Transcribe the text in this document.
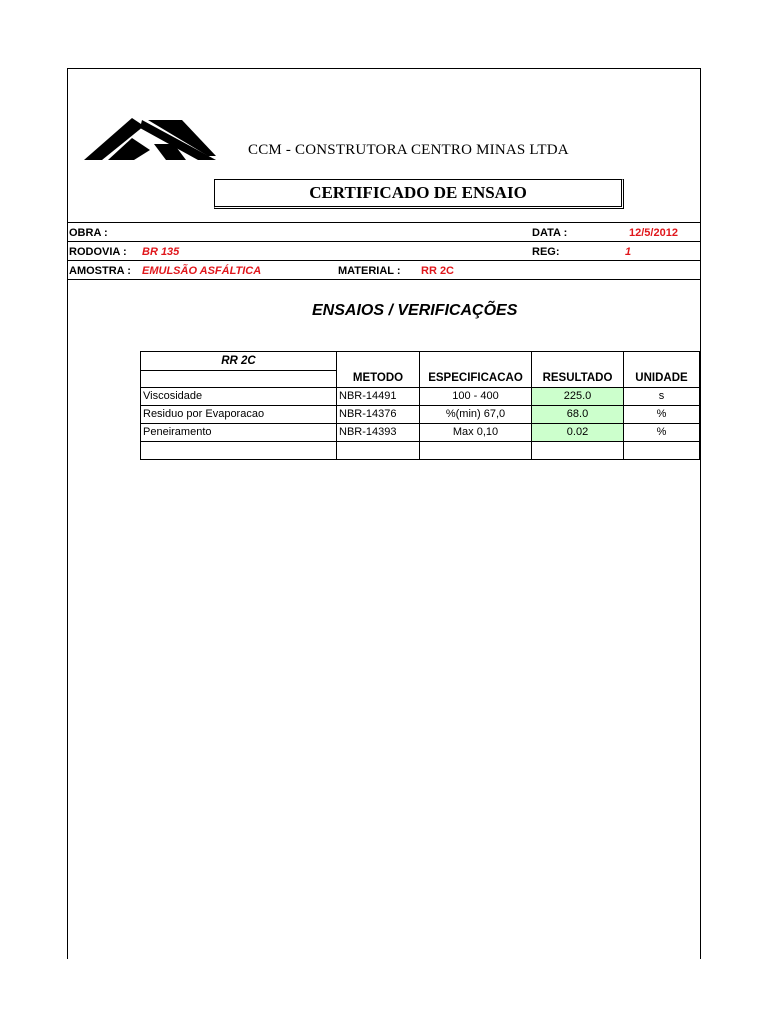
CCM - CONSTRUTORA CENTRO MINAS LTDA
CERTIFICADO DE ENSAIO
OBRA :	DATA :	12/5/2012
RODOVIA : BR 135	REG:	1
AMOSTRA : EMULSÃO ASFÁLTICA	MATERIAL : RR 2C
ENSAIOS / VERIFICAÇÕES
RR 2C	METODO	ESPECIFICACAO	RESULTADO	UNIDADE

Viscosidade	NBR-14491	100 - 400	225.0	s
Residuo por Evaporacao	NBR-14376	%(min) 67,0	68.0	%
Peneiramento	NBR-14393	Max 0,10	0.02	%
